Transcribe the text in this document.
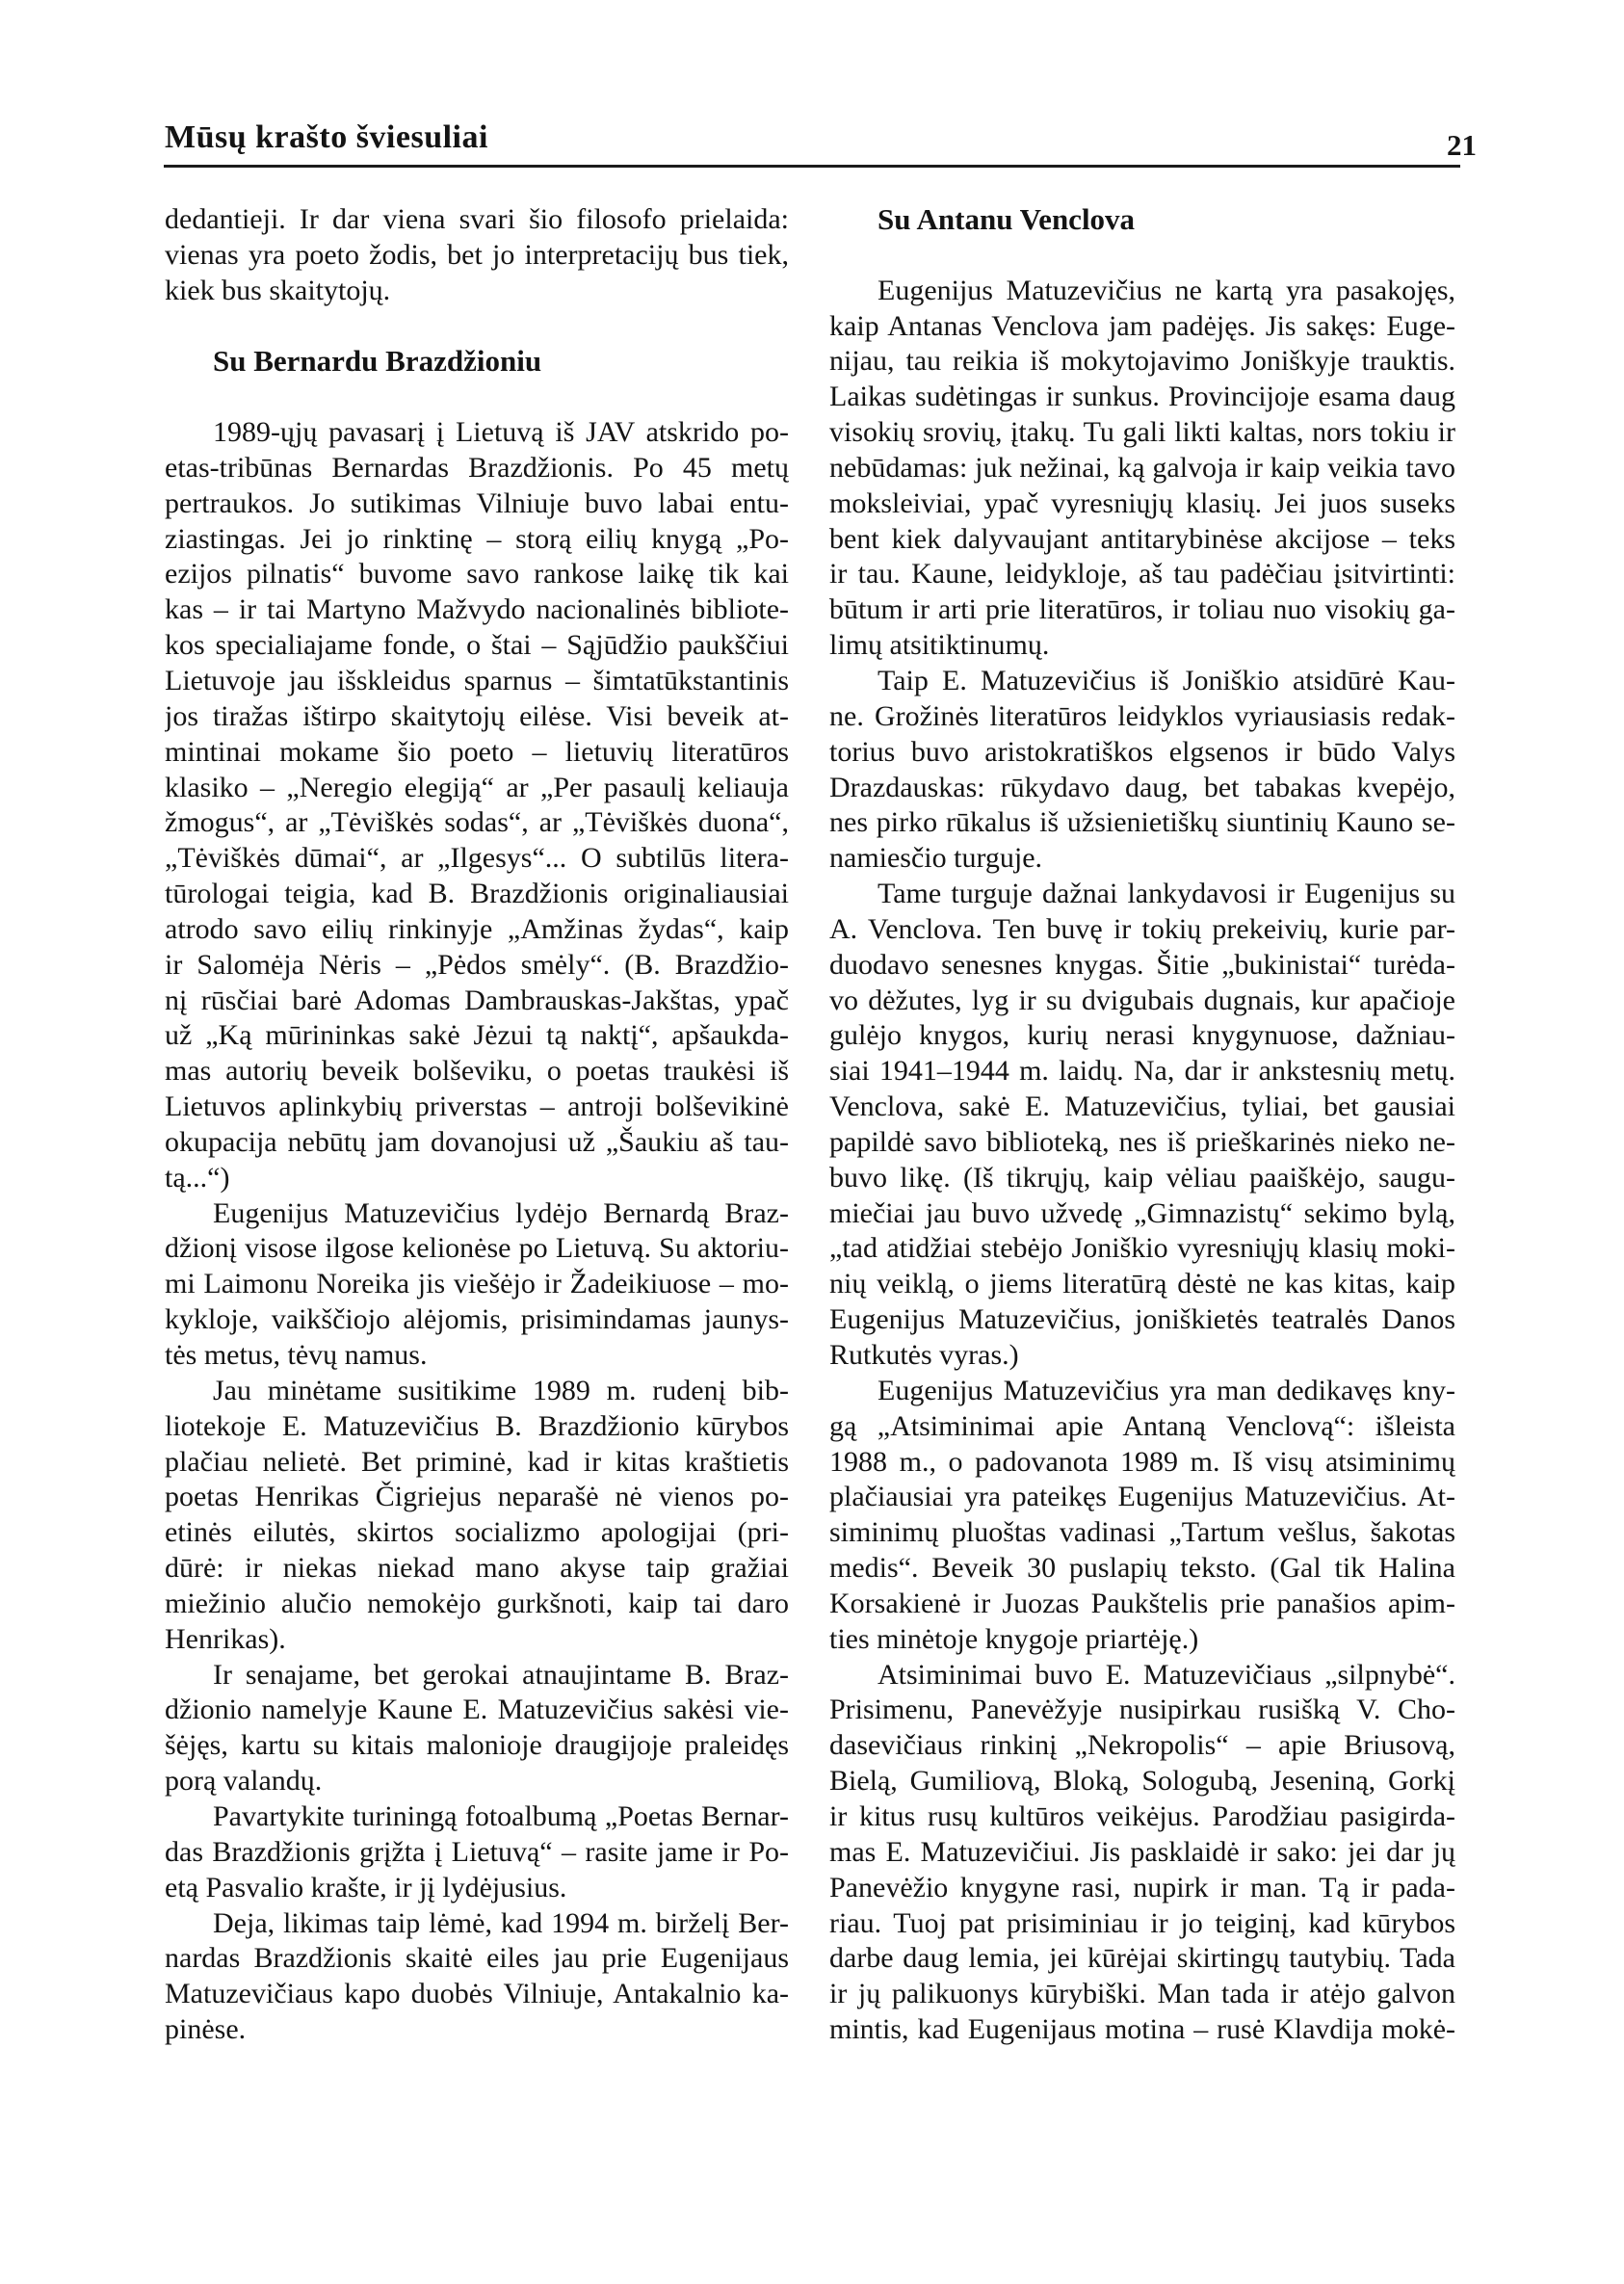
Mūsų krašto šviesuliai	21
dedantieji. Ir dar viena svari šio filosofo prielaida:
vienas yra poeto žodis, bet jo interpretacijų bus tiek,
kiek bus skaitytojų.
Su Bernardu Brazdžioniu
1989-ųjų pavasarį į Lietuvą iš JAV atskrido po-
etas-tribūnas Bernardas Brazdžionis. Po 45 metų
pertraukos. Jo sutikimas Vilniuje buvo labai entu-
ziastingas. Jei jo rinktinę – storą eilių knygą „Po-
ezijos pilnatis“ buvome savo rankose laikę tik kai
kas – ir tai Martyno Mažvydo nacionalinės bibliote-
kos specialiajame fonde, o štai – Sąjūdžio paukščiui
Lietuvoje jau išskleidus sparnus – šimtatūkstantinis
jos tiražas ištirpo skaitytojų eilėse. Visi beveik at-
mintinai mokame šio poeto – lietuvių literatūros
klasiko – „Neregio elegiją“ ar „Per pasaulį keliauja
žmogus“, ar „Tėviškės sodas“, ar „Tėviškės duona“,
„Tėviškės dūmai“, ar „Ilgesys“... O subtilūs litera-
tūrologai teigia, kad B. Brazdžionis originaliausiai
atrodo savo eilių rinkinyje „Amžinas žydas“, kaip
ir Salomėja Nėris – „Pėdos smėly“. (B. Brazdžio-
nį rūsčiai barė Adomas Dambrauskas-Jakštas, ypač
už „Ką mūrininkas sakė Jėzui tą naktį“, apšaukda-
mas autorių beveik bolševiku, o poetas traukėsi iš
Lietuvos aplinkybių priverstas – antroji bolševikinė
okupacija nebūtų jam dovanojusi už „Šaukiu aš tau-
tą...“)
Eugenijus Matuzevičius lydėjo Bernardą Braz-
džionį visose ilgose kelionėse po Lietuvą. Su aktoriu-
mi Laimonu Noreika jis viešėjo ir Žadeikiuose – mo-
kykloje, vaikščiojo alėjomis, prisimindamas jaunys-
tės metus, tėvų namus.
Jau minėtame susitikime 1989 m. rudenį bib-
liotekoje E. Matuzevičius B. Brazdžionio kūrybos
plačiau nelietė. Bet priminė, kad ir kitas kraštietis
poetas Henrikas Čigriejus neparašė nė vienos po-
etinės eilutės, skirtos socializmo apologijai (pri-
dūrė: ir niekas niekad mano akyse taip gražiai
miežinio alučio nemokėjo gurkšnoti, kaip tai daro
Henrikas).
Ir senajame, bet gerokai atnaujintame B. Braz-
džionio namelyje Kaune E. Matuzevičius sakėsi vie-
šėjęs, kartu su kitais malonioje draugijoje praleidęs
porą valandų.
Pavartykite turiningą fotoalbumą „Poetas Bernar-
das Brazdžionis grįžta į Lietuvą“ – rasite jame ir Po-
etą Pasvalio krašte, ir jį lydėjusius.
Deja, likimas taip lėmė, kad 1994 m. birželį Ber-
nardas Brazdžionis skaitė eiles jau prie Eugenijaus
Matuzevičiaus kapo duobės Vilniuje, Antakalnio ka-
pinėse.
Su Antanu Venclova
Eugenijus Matuzevičius ne kartą yra pasakojęs,
kaip Antanas Venclova jam padėjęs. Jis sakęs: Euge-
nijau, tau reikia iš mokytojavimo Joniškyje trauktis.
Laikas sudėtingas ir sunkus. Provincijoje esama daug
visokių srovių, įtakų. Tu gali likti kaltas, nors tokiu ir
nebūdamas: juk nežinai, ką galvoja ir kaip veikia tavo
moksleiviai, ypač vyresniųjų klasių. Jei juos suseks
bent kiek dalyvaujant antitarybinėse akcijose – teks
ir tau. Kaune, leidykloje, aš tau padėčiau įsitvirtinti:
būtum ir arti prie literatūros, ir toliau nuo visokių ga-
limų atsitiktinumų.
Taip E. Matuzevičius iš Joniškio atsidūrė Kau-
ne. Grožinės literatūros leidyklos vyriausiasis redak-
torius buvo aristokratiškos elgsenos ir būdo Valys
Drazdauskas: rūkydavo daug, bet tabakas kvepėjo,
nes pirko rūkalus iš užsienietiškų siuntinių Kauno se-
namiesčio turguje.
Tame turguje dažnai lankydavosi ir Eugenijus su
A. Venclova. Ten buvę ir tokių prekeivių, kurie par-
duodavo senesnes knygas. Šitie „bukinistai“ turėda-
vo dėžutes, lyg ir su dvigubais dugnais, kur apačioje
gulėjo knygos, kurių nerasi knygynuose, dažniau-
siai 1941–1944 m. laidų. Na, dar ir ankstesnių metų.
Venclova, sakė E. Matuzevičius, tyliai, bet gausiai
papildė savo biblioteką, nes iš prieškarinės nieko ne-
buvo likę. (Iš tikrųjų, kaip vėliau paaiškėjo, saugu-
miečiai jau buvo užvedę „Gimnazistų“ sekimo bylą,
„tad atidžiai stebėjo Joniškio vyresniųjų klasių moki-
nių veiklą, o jiems literatūrą dėstė ne kas kitas, kaip
Eugenijus Matuzevičius, joniškietės teatralės Danos
Rutkutės vyras.)
Eugenijus Matuzevičius yra man dedikavęs kny-
gą „Atsiminimai apie Antaną Venclovą“: išleista
1988 m., o padovanota 1989 m. Iš visų atsiminimų
plačiausiai yra pateikęs Eugenijus Matuzevičius. At-
siminimų pluoštas vadinasi „Tartum vešlus, šakotas
medis“. Beveik 30 puslapių teksto. (Gal tik Halina
Korsakienė ir Juozas Paukštelis prie panašios apim-
ties minėtoje knygoje priartėję.)
Atsiminimai buvo E. Matuzevičiaus „silpnybė“.
Prisimenu, Panevėžyje nusipirkau rusišką V. Cho-
dasevičiaus rinkinį „Nekropolis“ – apie Briusovą,
Bielą, Gumiliovą, Bloką, Sologubą, Jeseniną, Gorkį
ir kitus rusų kultūros veikėjus. Parodžiau pasigirda-
mas E. Matuzevičiui. Jis pasklaidė ir sako: jei dar jų
Panevėžio knygyne rasi, nupirk ir man. Tą ir pada-
riau. Tuoj pat prisiminiau ir jo teiginį, kad kūrybos
darbe daug lemia, jei kūrėjai skirtingų tautybių. Tada
ir jų palikuonys kūrybiški. Man tada ir atėjo galvon
mintis, kad Eugenijaus motina – rusė Klavdija mokė-
